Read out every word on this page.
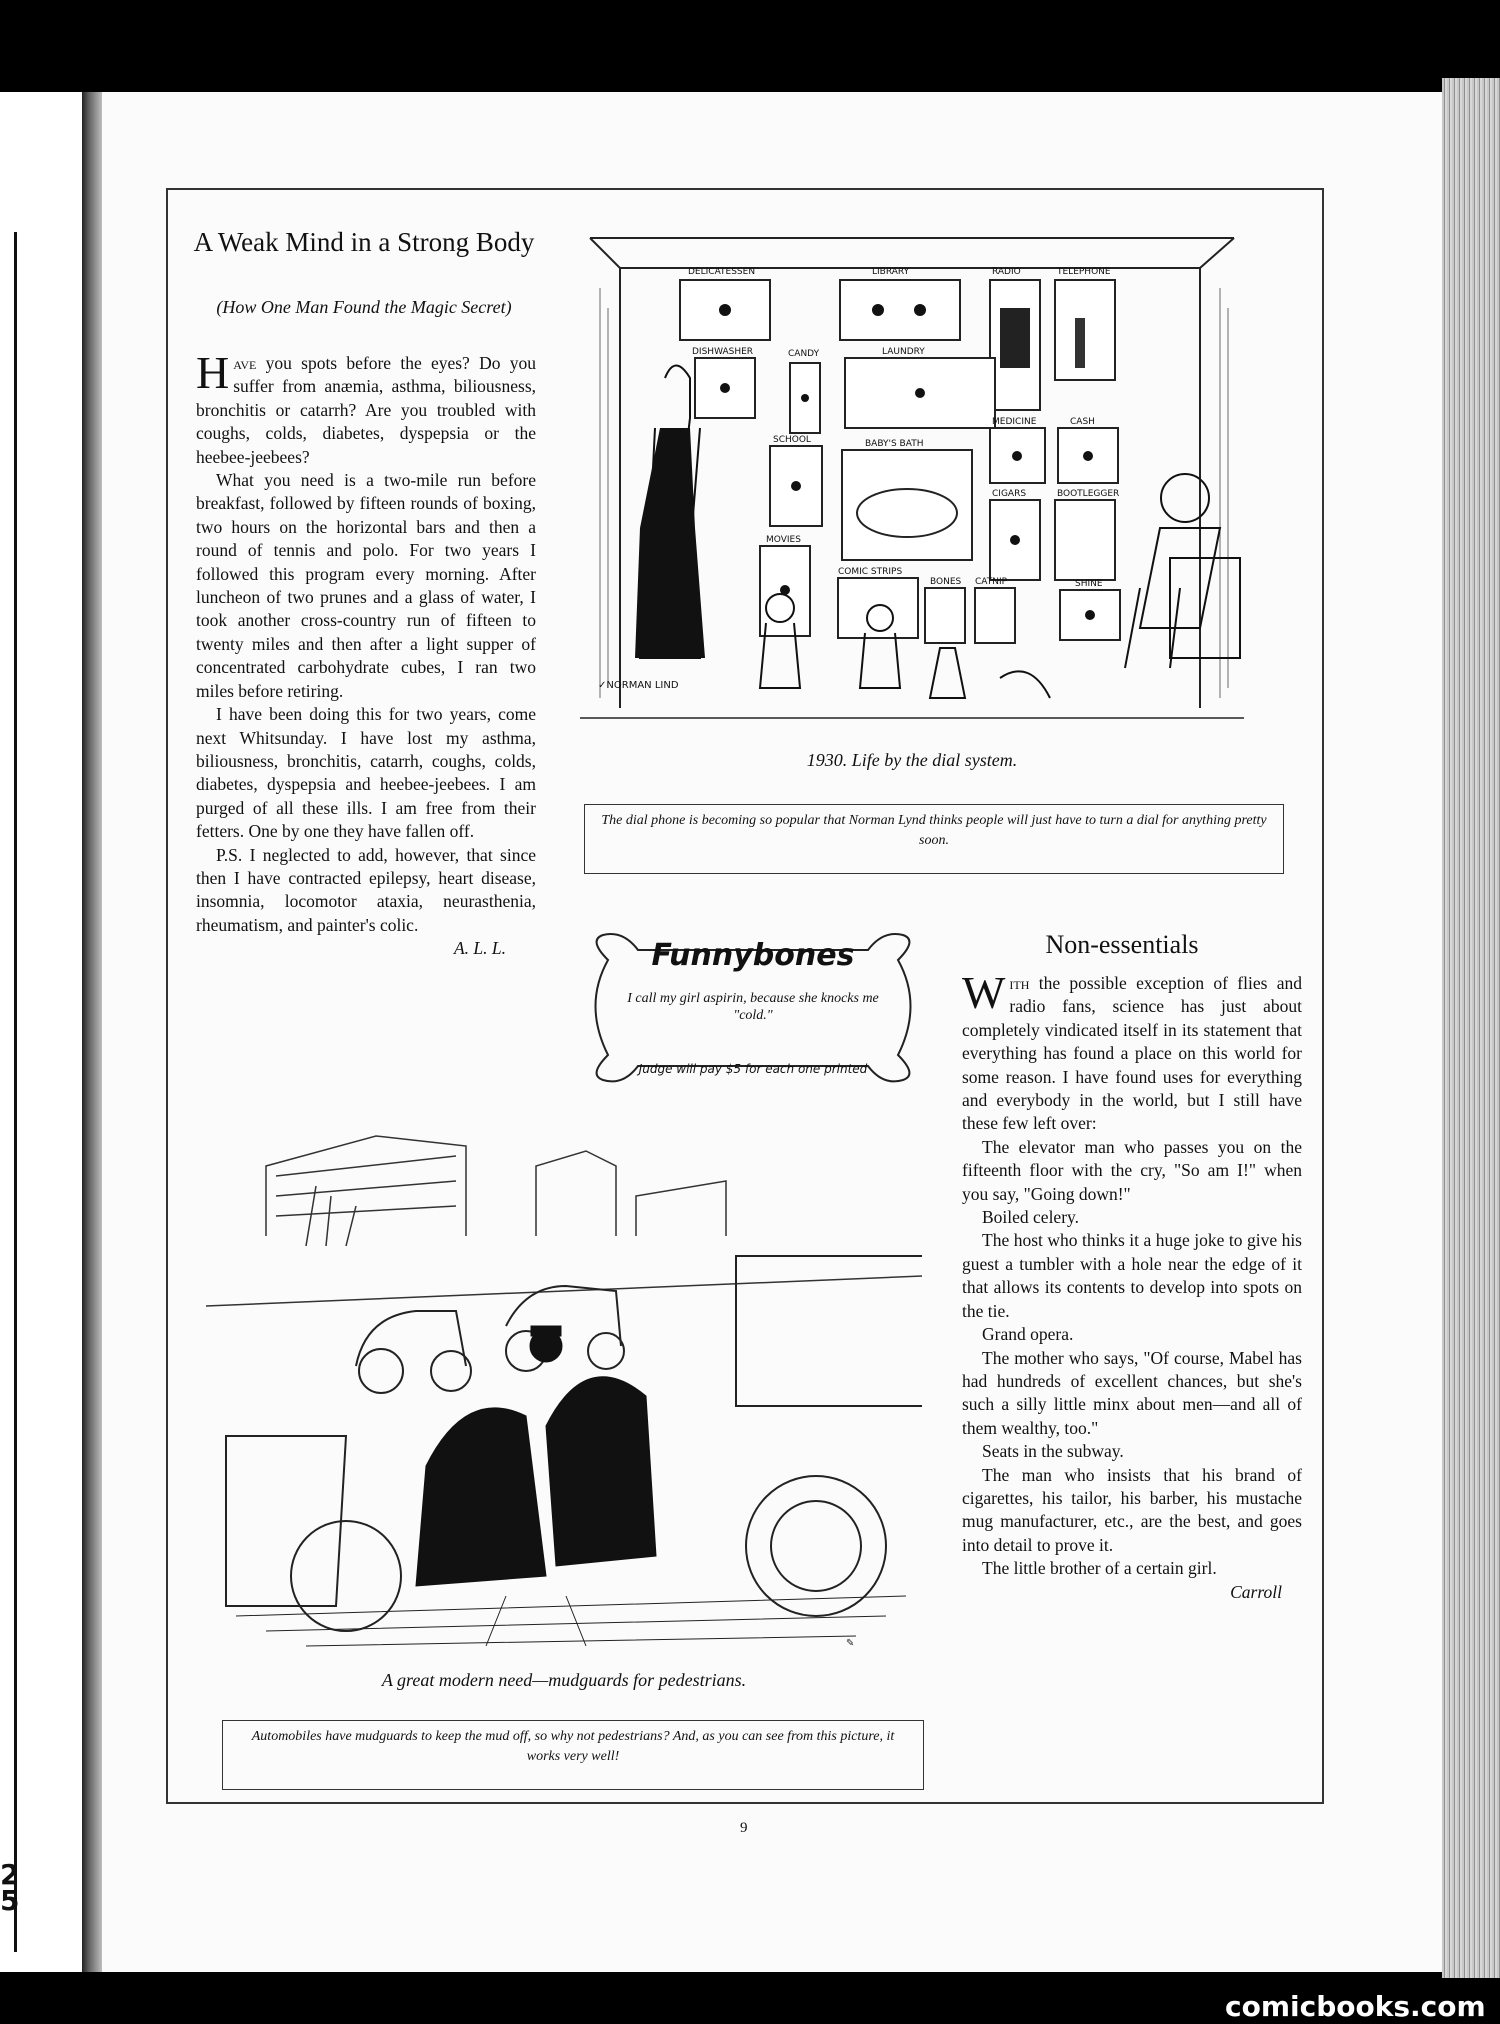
2
5
A Weak Mind in a Strong Body
(How One Man Found the Magic Secret)

Have you spots before the eyes? Do you suffer from anæmia, asthma, biliousness, bronchitis or catarrh? Are you troubled with coughs, colds, diabetes, dyspepsia or the heebee-jeebees?

What you need is a two-mile run before breakfast, followed by fifteen rounds of boxing, two hours on the horizontal bars and then a round of tennis and polo. For two years I followed this program every morning. After luncheon of two prunes and a glass of water, I took another cross-country run of fifteen to twenty miles and then after a light supper of concentrated carbohydrate cubes, I ran two miles before retiring.

I have been doing this for two years, come next Whitsunday. I have lost my asthma, biliousness, bronchitis, catarrh, coughs, colds, diabetes, dyspepsia and heebee-jeebees. I am purged of all these ills. I am free from their fetters. One by one they have fallen off.

P.S. I neglected to add, however, that since then I have contracted epilepsy, heart disease, insomnia, locomotor ataxia, neurasthenia, rheumatism, and painter's colic.

A. L. L.
DELICATESSEN	LIBRARY	RADIO	TELEPHONE
DISHWASHER	CANDY	LAUNDRY
MEDICINE	CASH
SCHOOL	BABY'S BATH
CIGARS	BOOTLEGGER
MOVIES
COMIC STRIPS
BONES CATNIP	SHINE
✓NORMAN LIND
1930. Life by the dial system.
The dial phone is becoming so popular that Norman Lynd thinks people will just have to turn a dial for anything pretty soon.
Funnybones
I call my girl aspirin, because she knocks me "cold."
Judge will pay $5 for each one printed
Non-essentials

With the possible exception of flies and radio fans, science has just about completely vindicated itself in its statement that everything has found a place on this world for some reason. I have found uses for everything and everybody in the world, but I still have these few left over:

The elevator man who passes you on the fifteenth floor with the cry, "So am I!" when you say, "Going down!"

Boiled celery.

The host who thinks it a huge joke to give his guest a tumbler with a hole near the edge of it that allows its contents to develop into spots on the tie.

Grand opera.

The mother who says, "Of course, Mabel has had hundreds of excellent chances, but she's such a silly little minx about men—and all of them wealthy, too."

Seats in the subway.

The man who insists that his brand of cigarettes, his tailor, his barber, his mustache mug manufacturer, etc., are the best, and goes into detail to prove it.

The little brother of a certain girl.

Carroll
✎
A great modern need—mudguards for pedestrians.
Automobiles have mudguards to keep the mud off, so why not pedestrians? And, as you can see from this picture, it works very well!
9
comicbooks.com
